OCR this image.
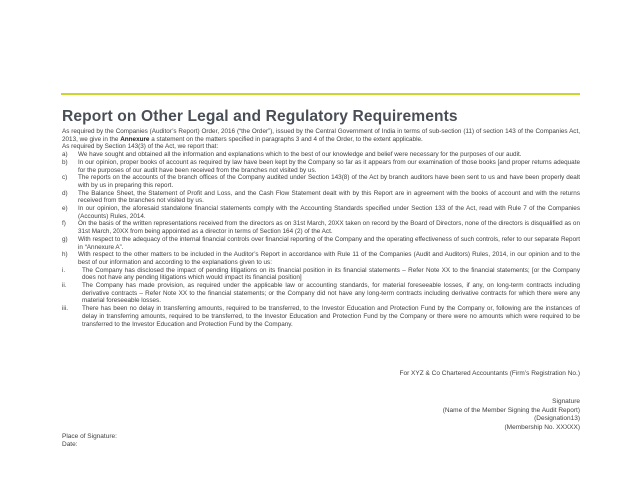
Report on Other Legal and Regulatory Requirements

As required by the Companies (Auditor’s Report) Order, 2016 (“the Order”), issued by the Central Government of India in terms of sub-section (11) of section 143 of the Companies Act, 2013, we give in the Annexure a statement on the matters specified in paragraphs 3 and 4 of the Order, to the extent applicable.

As required by Section 143(3) of the Act, we report that:

a)	We have sought and obtained all the information and explanations which to the best of our knowledge and belief were necessary for the purposes of our audit.
b)	In our opinion, proper books of account as required by law have been kept by the Company so far as it appears from our examination of those books [and proper returns adequate for the purposes of our audit have been received from the branches not visited by us.
c)	The reports on the accounts of the branch offices of the Company audited under Section 143(8) of the Act by branch auditors have been sent to us and have been properly dealt with by us in preparing this report.
d)	The Balance Sheet, the Statement of Profit and Loss, and the Cash Flow Statement dealt with by this Report are in agreement with the books of account and with the returns received from the branches not visited by us.
e)	In our opinion, the aforesaid standalone financial statements comply with the Accounting Standards specified under Section 133 of the Act, read with Rule 7 of the Companies (Accounts) Rules, 2014.
f)	On the basis of the written representations received from the directors as on 31st March, 20XX taken on record by the Board of Directors, none of the directors is disqualified as on 31st March, 20XX from being appointed as a director in terms of Section 164 (2) of the Act.
g)	With respect to the adequacy of the internal financial controls over financial reporting of the Company and the operating effectiveness of such controls, refer to our separate Report in “Annexure A”.
h)	With respect to the other matters to be included in the Auditor’s Report in accordance with Rule 11 of the Companies (Audit and Auditors) Rules, 2014, in our opinion and to the best of our information and according to the explanations given to us:
i.	The Company has disclosed the impact of pending litigations on its financial position in its financial statements – Refer Note XX to the financial statements; [or the Company does not have any pending litigations which would impact its financial position]
ii.	The Company has made provision, as required under the applicable law or accounting standards, for material foreseeable losses, if any, on long-term contracts including derivative contracts – Refer Note XX to the financial statements; or the Company did not have any long-term contracts including derivative contracts for which there were any material foreseeable losses.
iii.	There has been no delay in transferring amounts, required to be transferred, to the Investor Education and Protection Fund by the Company or, following are the instances of delay in transferring amounts, required to be transferred, to the Investor Education and Protection Fund by the Company or there were no amounts which were required to be transferred to the Investor Education and Protection Fund by the Company.
For XYZ & Co Chartered Accountants (Firm’s Registration No.)
Signature
(Name of the Member Signing the Audit Report)
(Designation13)
(Membership No. XXXXX)
Place of Signature:
Date:
